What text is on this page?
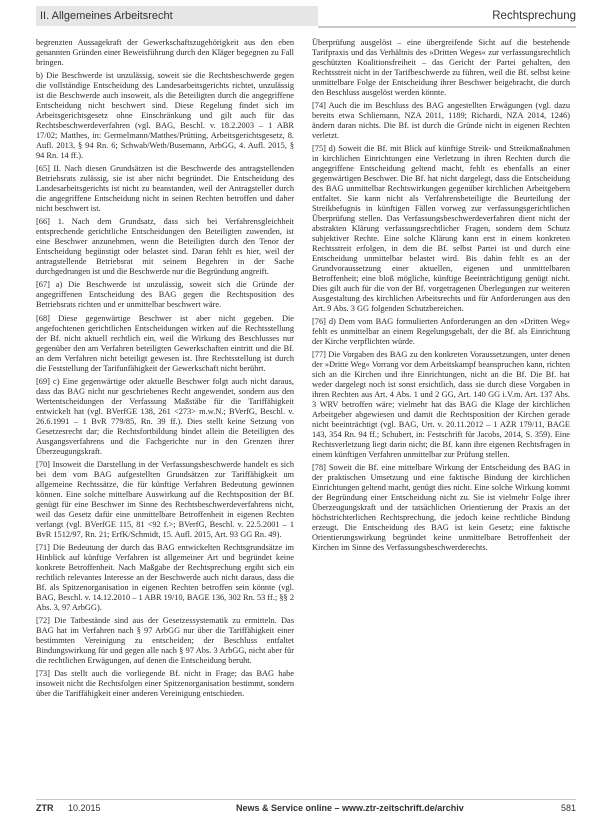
II. Allgemeines Arbeitsrecht	Rechtsprechung

begrenzten Aussagekraft der Gewerkschaftszugehörigkeit aus den eben genannten Gründen einer Beweisführung durch den Kläger begegnen zu Fall bringen.

b) Die Beschwerde ist unzulässig, soweit sie die Rechtsbeschwerde gegen die vollständige Entscheidung des Landesarbeitsgerichts richtet, unzulässig ist die Beschwerde auch insoweit, als die Beteiligten durch die angegriffene Entscheidung nicht beschwert sind. Diese Regelung findet sich im Arbeitsgerichtsgesetz ohne Einschränkung und gilt auch für das Rechtsbeschwerdeverfahren (vgl. BAG, Beschl. v. 18.2.2003 – 1 ABR 17/02; Matthes, in: Germelmann/Matthes/Prütting, Arbeitsgerichtsgesetz, 8. Aufl. 2013, § 94 Rn. 6; Schwab/Weth/Busemann, ArbGG, 4. Aufl. 2015, § 94 Rn. 14 ff.).

[65] II. Nach diesen Grundsätzen ist die Beschwerde des antragstellenden Betriebsrats zulässig, sie ist aber nicht begründet. Die Entscheidung des Landesarbeitsgerichts ist nicht zu beanstanden, weil der Antragsteller durch die angegriffene Entscheidung nicht in seinen Rechten betroffen und daher nicht beschwert ist.

[66] 1. Nach dem Grundsatz, dass sich bei Verfahrensgleichheit entsprechende gerichtliche Entscheidungen den Beteiligten zuwenden, ist eine Beschwer anzunehmen, wenn die Beteiligten durch den Tenor der Entscheidung begünstigt oder belastet sind. Daran fehlt es hier, weil der antragstellende Betriebsrat mit seinem Begehren in der Sache durchgedrungen ist und die Beschwerde nur die Begründung angreift.

[67] a) Die Beschwerde ist unzulässig, soweit sich die Gründe der angegriffenen Entscheidung des BAG gegen die Rechtsposition des Betriebsrats richten und er unmittelbar beschwert wäre.

[68] Diese gegenwärtige Beschwer ist aber nicht gegeben. Die angefochtenen gerichtlichen Entscheidungen wirken auf die Rechtsstellung der Bf. nicht aktuell rechtlich ein, weil die Wirkung des Beschlusses nur gegenüber den am Verfahren beteiligten Gewerkschaften eintritt und die Bf. an dem Verfahren nicht beteiligt gewesen ist. Ihre Rechtsstellung ist durch die Feststellung der Tarifunfähigkeit der Gewerkschaft nicht berührt.

[69] c) Eine gegenwärtige oder aktuelle Beschwer folgt auch nicht daraus, dass das BAG nicht nur geschriebenes Recht angewendet, sondern aus den Wertentscheidungen der Verfassung Maßstäbe für die Tariffähigkeit entwickelt hat (vgl. BVerfGE 138, 261 <273> m.w.N.; BVerfG, Beschl. v. 26.6.1991 – 1 BvR 779/85, Rn. 39 ff.). Dies stellt keine Setzung von Gesetzesrecht dar; die Rechtsfortbildung bindet allein die Beteiligten des Ausgangsverfahrens und die Fachgerichte nur in den Grenzen ihrer Überzeugungskraft.

[70] Insoweit die Darstellung in der Verfassungsbeschwerde handelt es sich bei dem vom BAG aufgestellten Grundsätzen zur Tariffähigkeit um allgemeine Rechtssätze, die für künftige Verfahren Bedeutung gewinnen können. Eine solche mittelbare Auswirkung auf die Rechtsposition der Bf. genügt für eine Beschwer im Sinne des Rechtsbeschwerdeverfahrens nicht, weil das Gesetz dafür eine unmittelbare Betroffenheit in eigenen Rechten verlangt (vgl. BVerfGE 115, 81 <92 f.>; BVerfG, Beschl. v. 22.5.2001 – 1 BvR 1512/97, Rn. 21; ErfK/Schmidt, 15. Aufl. 2015, Art. 93 GG Rn. 49).

[71] Die Bedeutung der durch das BAG entwickelten Rechtsgrundsätze im Hinblick auf künftige Verfahren ist allgemeiner Art und begründet keine konkrete Betroffenheit. Nach Maßgabe der Rechtsprechung ergibt sich ein rechtlich relevantes Interesse an der Beschwerde auch nicht daraus, dass die Bf. als Spitzenorganisation in eigenen Rechten betroffen sein könnte (vgl. BAG, Beschl. v. 14.12.2010 – 1 ABR 19/10, BAGE 136, 302 Rn. 53 ff.; §§ 2 Abs. 3, 97 ArbGG).

[72] Die Tatbestände sind aus der Gesetzessystematik zu ermitteln. Das BAG hat im Verfahren nach § 97 ArbGG nur über die Tariffähigkeit einer bestimmten Vereinigung zu entscheiden; der Beschluss entfaltet Bindungswirkung für und gegen alle nach § 97 Abs. 3 ArbGG, nicht aber für die rechtlichen Erwägungen, auf denen die Entscheidung beruht.

[73] Das stellt auch die vorliegende Bf. nicht in Frage; das BAG habe insoweit nicht die Rechtsfolgen einer Spitzenorganisation bestimmt, sondern über die Tariffähigkeit einer anderen Vereinigung entschieden.

Überprüfung ausgelöst – eine übergreifende Sicht auf die bestehende Tarifpraxis und das Verhältnis des »Dritten Weges« zur verfassungsrechtlich geschützten Koalitionsfreiheit – das Gericht der Partei gehalten, den Rechtsstreit nicht in der Tarifbeschwerde zu führen, weil die Bf. selbst keine unmittelbare Folge der Entscheidung ihrer Beschwer beigebracht, die durch den Beschluss ausgelöst werden könnte.

[74] Auch die im Beschluss des BAG angestellten Erwägungen (vgl. dazu bereits etwa Schliemann, NZA 2011, 1189; Richardi, NZA 2014, 1246) ändern daran nichts. Die Bf. ist durch die Gründe nicht in eigenen Rechten verletzt.

[75] d) Soweit die Bf. mit Blick auf künftige Streik- und Streikmaßnahmen in kirchlichen Einrichtungen eine Verletzung in ihren Rechten durch die angegriffene Entscheidung geltend macht, fehlt es ebenfalls an einer gegenwärtigen Beschwer. Die Bf. hat nicht dargelegt, dass die Entscheidung des BAG unmittelbar Rechtswirkungen gegenüber kirchlichen Arbeitgebern entfaltet. Sie kann nicht als Verfahrensbeteiligte die Beurteilung der Streikbefugnis in künftigen Fällen vorweg zur verfassungsgerichtlichen Überprüfung stellen. Das Verfassungsbeschwerdeverfahren dient nicht der abstrakten Klärung verfassungsrechtlicher Fragen, sondern dem Schutz subjektiver Rechte. Eine solche Klärung kann erst in einem konkreten Rechtsstreit erfolgen, in dem die Bf. selbst Partei ist und durch eine Entscheidung unmittelbar belastet wird. Bis dahin fehlt es an der Grundvoraussetzung einer aktuellen, eigenen und unmittelbaren Betroffenheit; eine bloß mögliche, künftige Beeinträchtigung genügt nicht. Dies gilt auch für die von der Bf. vorgetragenen Überlegungen zur weiteren Ausgestaltung des kirchlichen Arbeitsrechts und für Anforderungen aus den Art. 9 Abs. 3 GG folgenden Schutzbereichen.

[76] d) Dem vom BAG formulierten Anforderungen an den »Dritten Weg« fehlt es unmittelbar an einem Regelungsgehalt, der die Bf. als Einrichtung der Kirche verpflichten würde.

[77] Die Vorgaben des BAG zu den konkreten Voraussetzungen, unter denen der »Dritte Weg« Vorrang vor dem Arbeitskampf beanspruchen kann, richten sich an die Kirchen und ihre Einrichtungen, nicht an die Bf. Die Bf. hat weder dargelegt noch ist sonst ersichtlich, dass sie durch diese Vorgaben in ihren Rechten aus Art. 4 Abs. 1 und 2 GG, Art. 140 GG i.V.m. Art. 137 Abs. 3 WRV betroffen wäre; vielmehr hat das BAG die Klage der kirchlichen Arbeitgeber abgewiesen und damit die Rechtsposition der Kirchen gerade nicht beeinträchtigt (vgl. BAG, Urt. v. 20.11.2012 – 1 AZR 179/11, BAGE 143, 354 Rn. 94 ff.; Schubert, in: Festschrift für Jacobs, 2014, S. 359). Eine Rechtsverletzung liegt darin nicht; die Bf. kann ihre eigenen Rechtsfragen in einem künftigen Verfahren unmittelbar zur Prüfung stellen.

[78] Soweit die Bf. eine mittelbare Wirkung der Entscheidung des BAG in der praktischen Umsetzung und eine faktische Bindung der kirchlichen Einrichtungen geltend macht, genügt dies nicht. Eine solche Wirkung kommt der Begründung einer Entscheidung nicht zu. Sie ist vielmehr Folge ihrer Überzeugungskraft und der tatsächlichen Orientierung der Praxis an der höchstrichterlichen Rechtsprechung, die jedoch keine rechtliche Bindung erzeugt. Die Entscheidung des BAG ist kein Gesetz; eine faktische Orientierungswirkung begründet keine unmittelbare Betroffenheit der Kirchen im Sinne des Verfassungsbeschwerderechts.

ZTR 10.2015	News & Service online – www.ztr-zeitschrift.de/archiv	581
